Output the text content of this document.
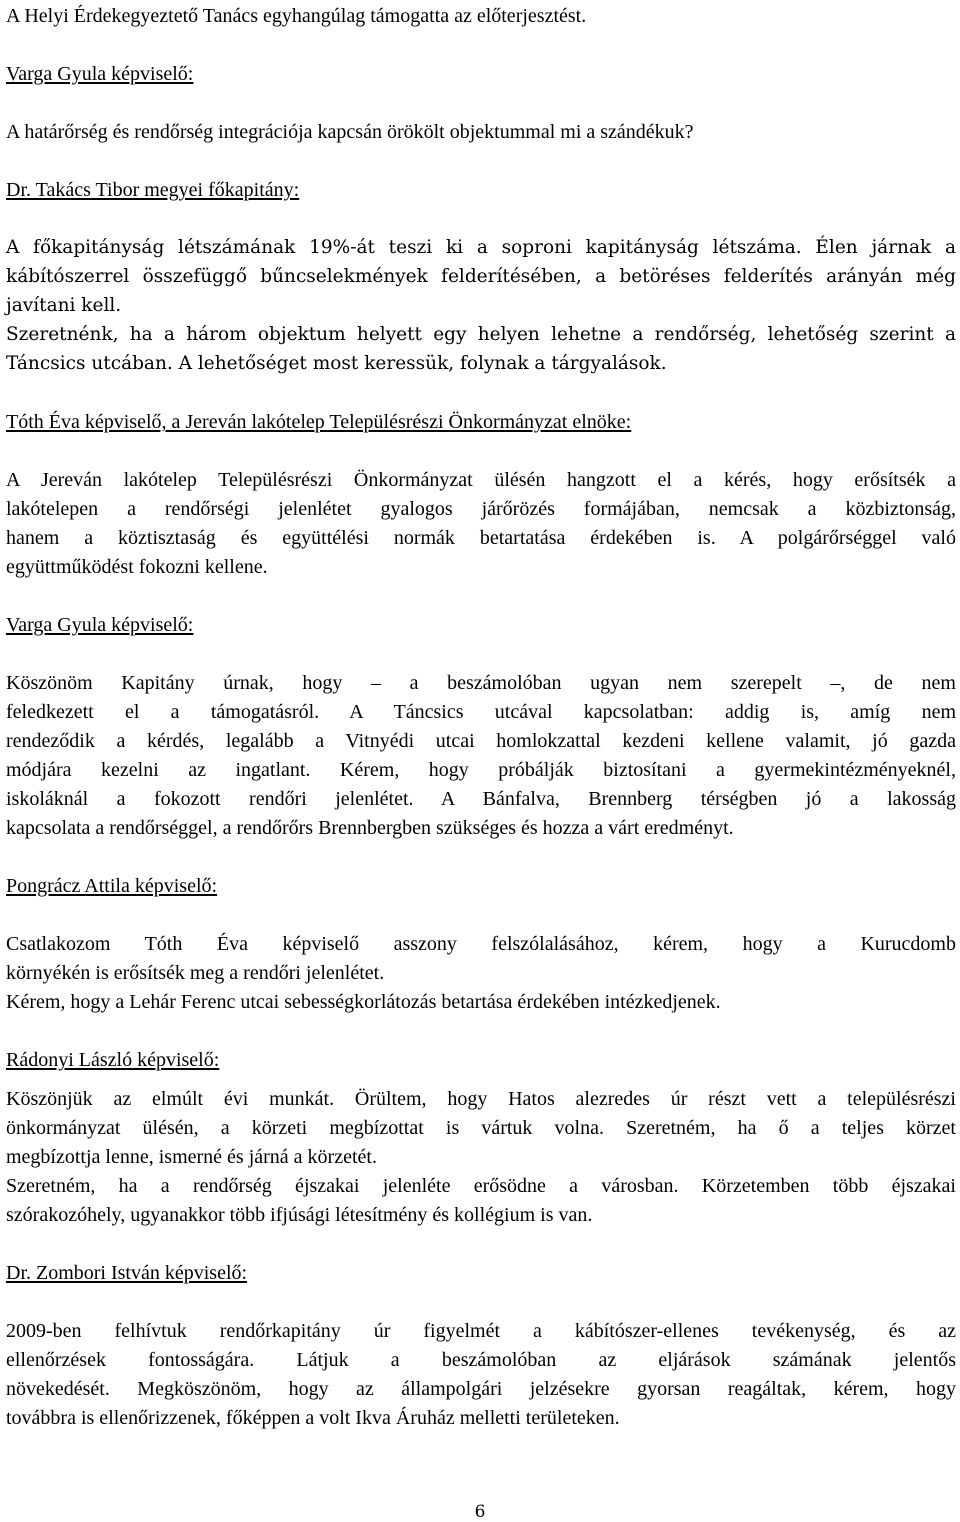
A Helyi Érdekegyeztető Tanács egyhangúlag támogatta az előterjesztést.
Varga Gyula képviselő:
A határőrség és rendőrség integrációja kapcsán örökölt objektummal mi a szándékuk?
Dr. Takács Tibor megyei főkapitány:
A főkapitányság létszámának 19%-át teszi ki a soproni kapitányság létszáma. Élen járnak a
kábítószerrel összefüggő bűncselekmények felderítésében, a betöréses felderítés arányán még
javítani kell.
Szeretnénk, ha a három objektum helyett egy helyen lehetne a rendőrség, lehetőség szerint a
Táncsics utcában. A lehetőséget most keressük, folynak a tárgyalások.
Tóth Éva képviselő, a Jereván lakótelep Településrészi Önkormányzat elnöke:
A Jereván lakótelep Településrészi Önkormányzat ülésén hangzott el a kérés, hogy erősítsék a
lakótelepen a rendőrségi jelenlétet gyalogos járőrözés formájában, nemcsak a közbiztonság,
hanem a köztisztaság és együttélési normák betartatása érdekében is. A polgárőrséggel való
együttműködést fokozni kellene.
Varga Gyula képviselő:
Köszönöm Kapitány úrnak, hogy – a beszámolóban ugyan nem szerepelt –, de nem
feledkezett el a támogatásról. A Táncsics utcával kapcsolatban: addig is, amíg nem
rendeződik a kérdés, legalább a Vitnyédi utcai homlokzattal kezdeni kellene valamit, jó gazda
módjára kezelni az ingatlant. Kérem, hogy próbálják biztosítani a gyermekintézményeknél,
iskoláknál a fokozott rendőri jelenlétet. A Bánfalva, Brennberg térségben jó a lakosság
kapcsolata a rendőrséggel, a rendőrőrs Brennbergben szükséges és hozza a várt eredményt.
Pongrácz Attila képviselő:
Csatlakozom Tóth Éva képviselő asszony felszólalásához, kérem, hogy a Kurucdomb
környékén is erősítsék meg a rendőri jelenlétet.
Kérem, hogy a Lehár Ferenc utcai sebességkorlátozás betartása érdekében intézkedjenek.
Rádonyi László képviselő:
Köszönjük az elmúlt évi munkát. Örültem, hogy Hatos alezredes úr részt vett a településrészi
önkormányzat ülésén, a körzeti megbízottat is vártuk volna. Szeretném, ha ő a teljes körzet
megbízottja lenne, ismerné és járná a körzetét.
Szeretném, ha a rendőrség éjszakai jelenléte erősödne a városban. Körzetemben több éjszakai
szórakozóhely, ugyanakkor több ifjúsági létesítmény és kollégium is van.
Dr. Zombori István képviselő:
2009-ben felhívtuk rendőrkapitány úr figyelmét a kábítószer-ellenes tevékenység, és az
ellenőrzések fontosságára. Látjuk a beszámolóban az eljárások számának jelentős
növekedését. Megköszönöm, hogy az állampolgári jelzésekre gyorsan reagáltak, kérem, hogy
továbbra is ellenőrizzenek, főképpen a volt Ikva Áruház melletti területeken.
6
